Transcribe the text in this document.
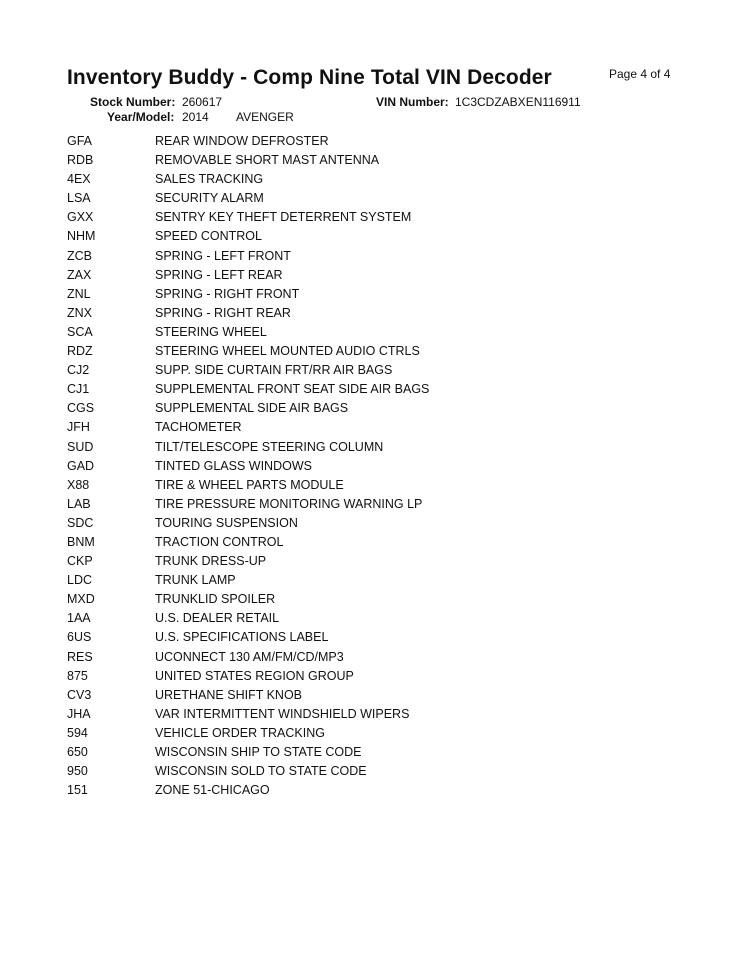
Inventory Buddy - Comp Nine Total VIN Decoder	Page 4 of 4
Stock Number: 260617	VIN Number: 1C3CDZABXEN116911
Year/Model: 2014 AVENGER
GFA	REAR WINDOW DEFROSTER
RDB	REMOVABLE SHORT MAST ANTENNA
4EX	SALES TRACKING
LSA	SECURITY ALARM
GXX	SENTRY KEY THEFT DETERRENT SYSTEM
NHM	SPEED CONTROL
ZCB	SPRING - LEFT FRONT
ZAX	SPRING - LEFT REAR
ZNL	SPRING - RIGHT FRONT
ZNX	SPRING - RIGHT REAR
SCA	STEERING WHEEL
RDZ	STEERING WHEEL MOUNTED AUDIO CTRLS
CJ2	SUPP. SIDE CURTAIN FRT/RR AIR BAGS
CJ1	SUPPLEMENTAL FRONT SEAT SIDE AIR BAGS
CGS	SUPPLEMENTAL SIDE AIR BAGS
JFH	TACHOMETER
SUD	TILT/TELESCOPE STEERING COLUMN
GAD	TINTED GLASS WINDOWS
X88	TIRE & WHEEL PARTS MODULE
LAB	TIRE PRESSURE MONITORING WARNING LP
SDC	TOURING SUSPENSION
BNM	TRACTION CONTROL
CKP	TRUNK DRESS-UP
LDC	TRUNK LAMP
MXD	TRUNKLID SPOILER
1AA	U.S. DEALER RETAIL
6US	U.S. SPECIFICATIONS LABEL
RES	UCONNECT 130 AM/FM/CD/MP3
875	UNITED STATES REGION GROUP
CV3	URETHANE SHIFT KNOB
JHA	VAR INTERMITTENT WINDSHIELD WIPERS
594	VEHICLE ORDER TRACKING
650	WISCONSIN SHIP TO STATE CODE
950	WISCONSIN SOLD TO STATE CODE
151	ZONE 51-CHICAGO
